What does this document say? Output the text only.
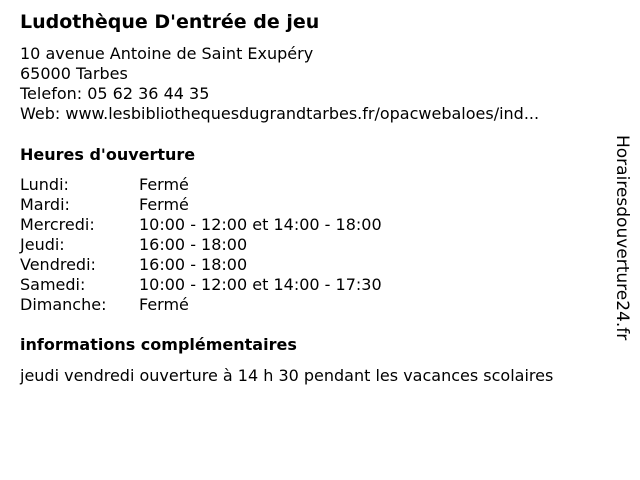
Ludothèque D'entrée de jeu
10 avenue Antoine de Saint Exupéry
65000 Tarbes
Telefon: 05 62 36 44 35
Web: www.lesbibliothequesdugrandtarbes.fr/opacwebaloes/ind...
Heures d'ouverture
Lundi:	Fermé
Mardi:	Fermé
Mercredi:	10:00 - 12:00 et 14:00 - 18:00
Jeudi:	16:00 - 18:00
Vendredi:	16:00 - 18:00
Samedi:	10:00 - 12:00 et 14:00 - 17:30
Dimanche:	Fermé
informations complémentaires
jeudi vendredi ouverture à 14 h 30 pendant les vacances scolaires
Horairesdouverture24.fr
